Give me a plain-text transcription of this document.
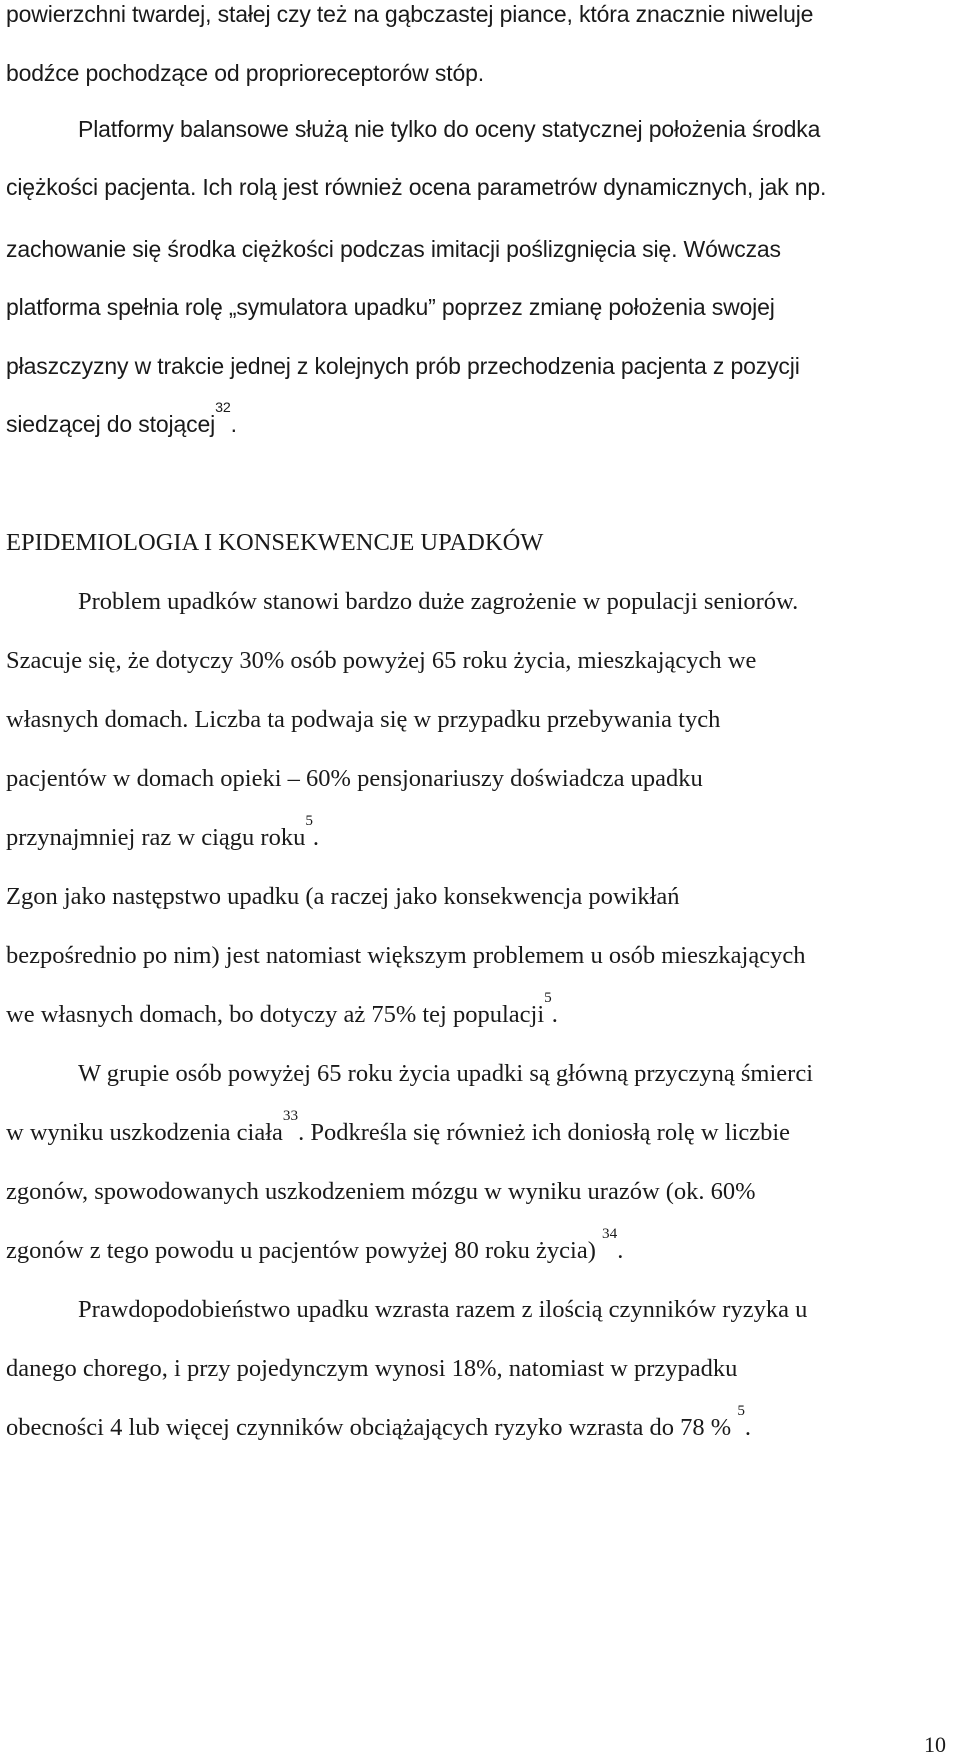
powierzchni twardej, stałej czy też na gąbczastej piance, która znacznie niweluje

bodźce pochodzące od proprioreceptorów stóp.

Platformy balansowe służą nie tylko do oceny statycznej położenia środka

ciężkości pacjenta. Ich rolą jest również ocena parametrów dynamicznych, jak np.

zachowanie się środka ciężkości podczas imitacji poślizgnięcia się. Wówczas

platforma spełnia rolę „symulatora upadku” poprzez zmianę położenia swojej

płaszczyzny w trakcie jednej z kolejnych prób przechodzenia pacjenta z pozycji

siedzącej do stojącej$^{32}$.

EPIDEMIOLOGIA I KONSEKWENCJE UPADKÓW

Problem upadków stanowi bardzo duże zagrożenie w populacji seniorów.

Szacuje się, że dotyczy 30% osób powyżej 65 roku życia, mieszkających we

własnych domach. Liczba ta podwaja się w przypadku przebywania tych

pacjentów w domach opieki – 60% pensjonariuszy doświadcza upadku

przynajmniej raz w ciągu roku$^5$.

Zgon jako następstwo upadku (a raczej jako konsekwencja powikłań

bezpośrednio po nim) jest natomiast większym problemem u osób mieszkających

we własnych domach, bo dotyczy aż 75% tej populacji$^5$.

W grupie osób powyżej 65 roku życia upadki są główną przyczyną śmierci

w wyniku uszkodzenia ciała$^{33}$. Podkreśla się również ich doniosłą rolę w liczbie

zgonów, spowodowanych uszkodzeniem mózgu w wyniku urazów (ok. 60%

zgonów z tego powodu u pacjentów powyżej 80 roku życia) $^{34}$.

Prawdopodobieństwo upadku wzrasta razem z ilością czynników ryzyka u

danego chorego, i przy pojedynczym wynosi 18%, natomiast w przypadku

obecności 4 lub więcej czynników obciążających ryzyko wzrasta do 78 % $^5$.

10
